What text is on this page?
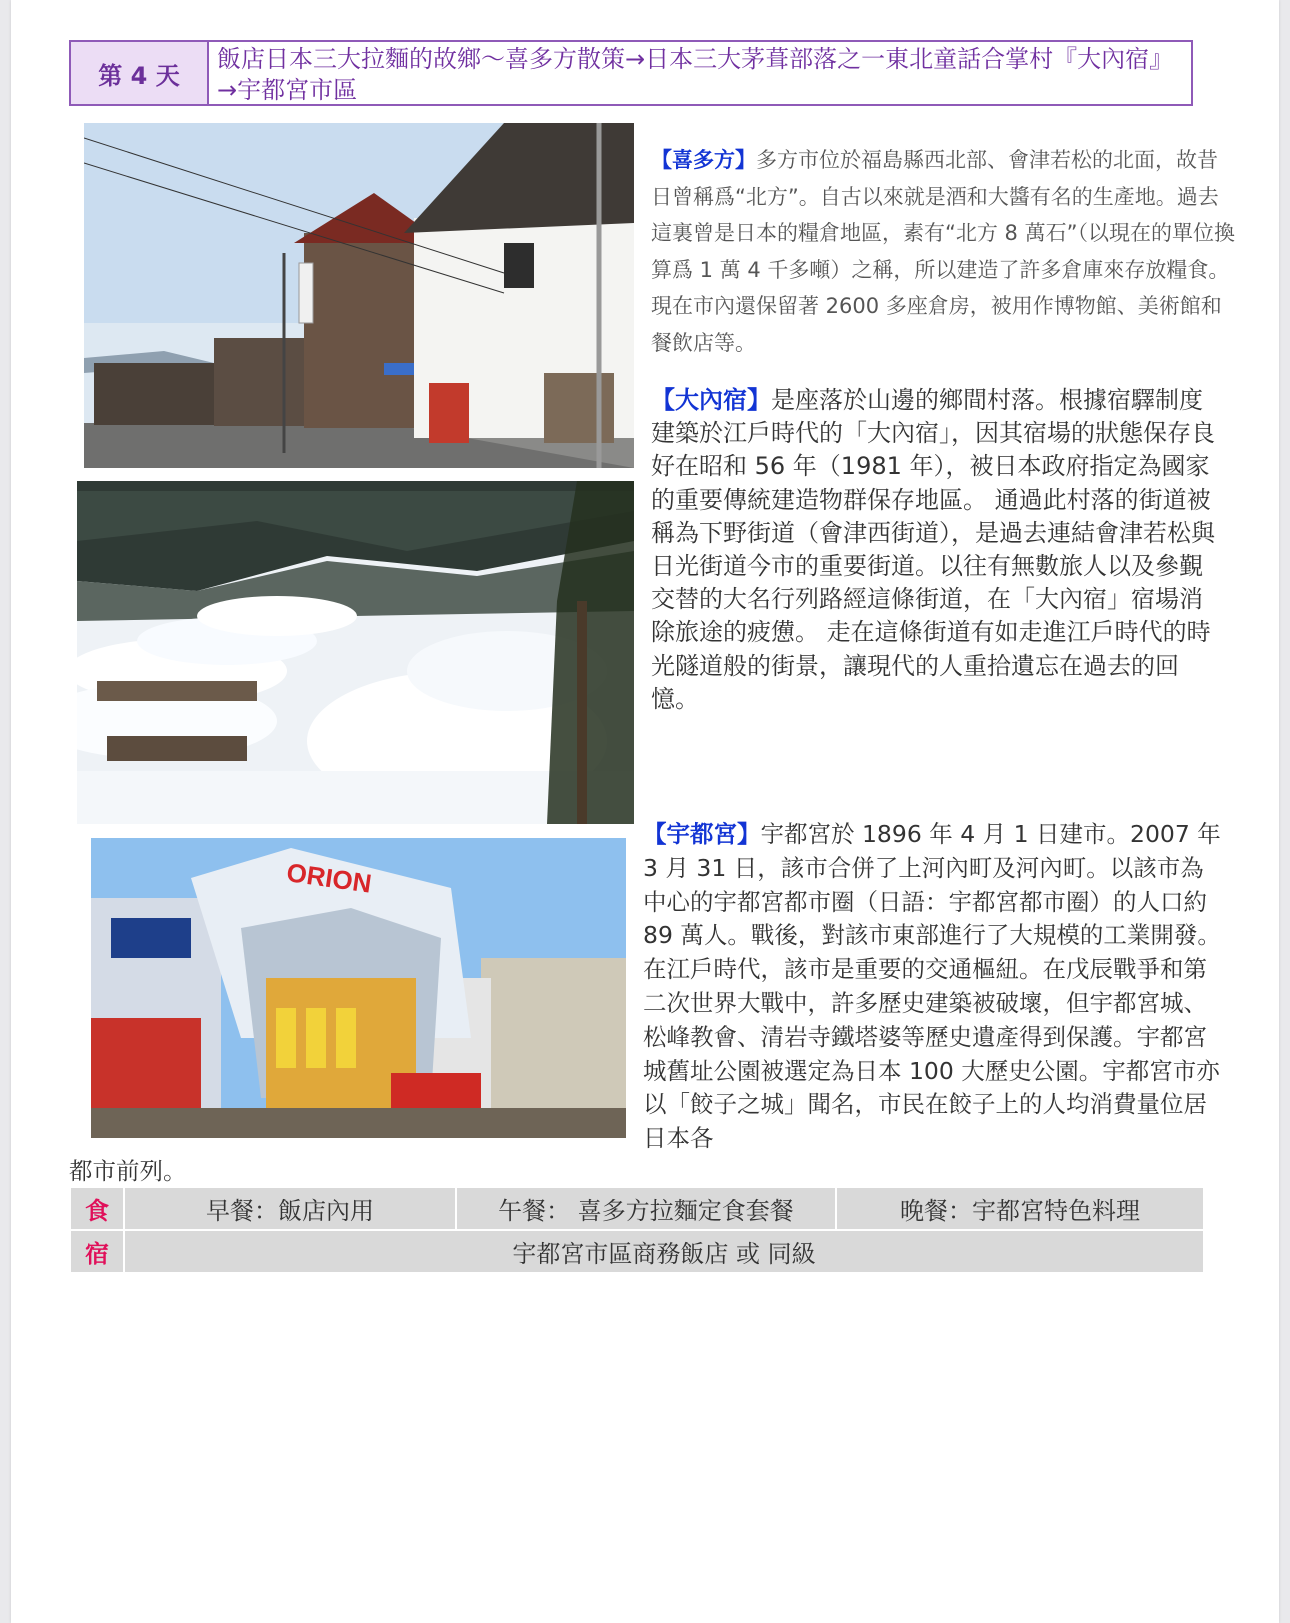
第 4 天
飯店日本三大拉麵的故鄉～喜多方散策→日本三大茅葺部落之一東北童話合掌村『大內宿』→宇都宮市區
ORION

【喜多方】多方市位於福島縣西北部、會津若松的北面，故昔日曾稱爲“北方”。自古以來就是酒和大醬有名的生產地。過去這裏曾是日本的糧倉地區，素有“北方 8 萬石”（以現在的單位換算爲 1 萬 4 千多噸）之稱，所以建造了許多倉庫來存放糧食。現在市內還保留著 2600 多座倉房，被用作博物館、美術館和餐飲店等。

【大內宿】是座落於山邊的鄉間村落。根據宿驛制度建築於江戶時代的「大內宿」，因其宿場的狀態保存良好在昭和 56 年（1981 年），被日本政府指定為國家的重要傳統建造物群保存地區。 通過此村落的街道被稱為下野街道（會津西街道），是過去連結會津若松與日光街道今市的重要街道。以往有無數旅人以及參覲交替的大名行列路經這條街道，在「大內宿」宿場消除旅途的疲憊。 走在這條街道有如走進江戶時代的時光隧道般的街景，讓現代的人重拾遺忘在過去的回憶。

【宇都宮】宇都宮於 1896 年 4 月 1 日建市。2007 年 3 月 31 日，該市合併了上河內町及河內町。以該市為中心的宇都宮都市圈（日語：宇都宮都市圈）的人口約 89 萬人。戰後，對該市東部進行了大規模的工業開發。在江戶時代，該市是重要的交通樞紐。在戊辰戰爭和第二次世界大戰中，許多歷史建築被破壞，但宇都宮城、松峰教會、清岩寺鐵塔婆等歷史遺產得到保護。宇都宮城舊址公園被選定為日本 100 大歷史公園。宇都宮市亦以「餃子之城」聞名，市民在餃子上的人均消費量位居日本各

都市前列。
食	早餐：飯店內用	午餐： 喜多方拉麵定食套餐	晚餐：宇都宮特色料理
宿	宇都宮市區商務飯店 或 同級		
